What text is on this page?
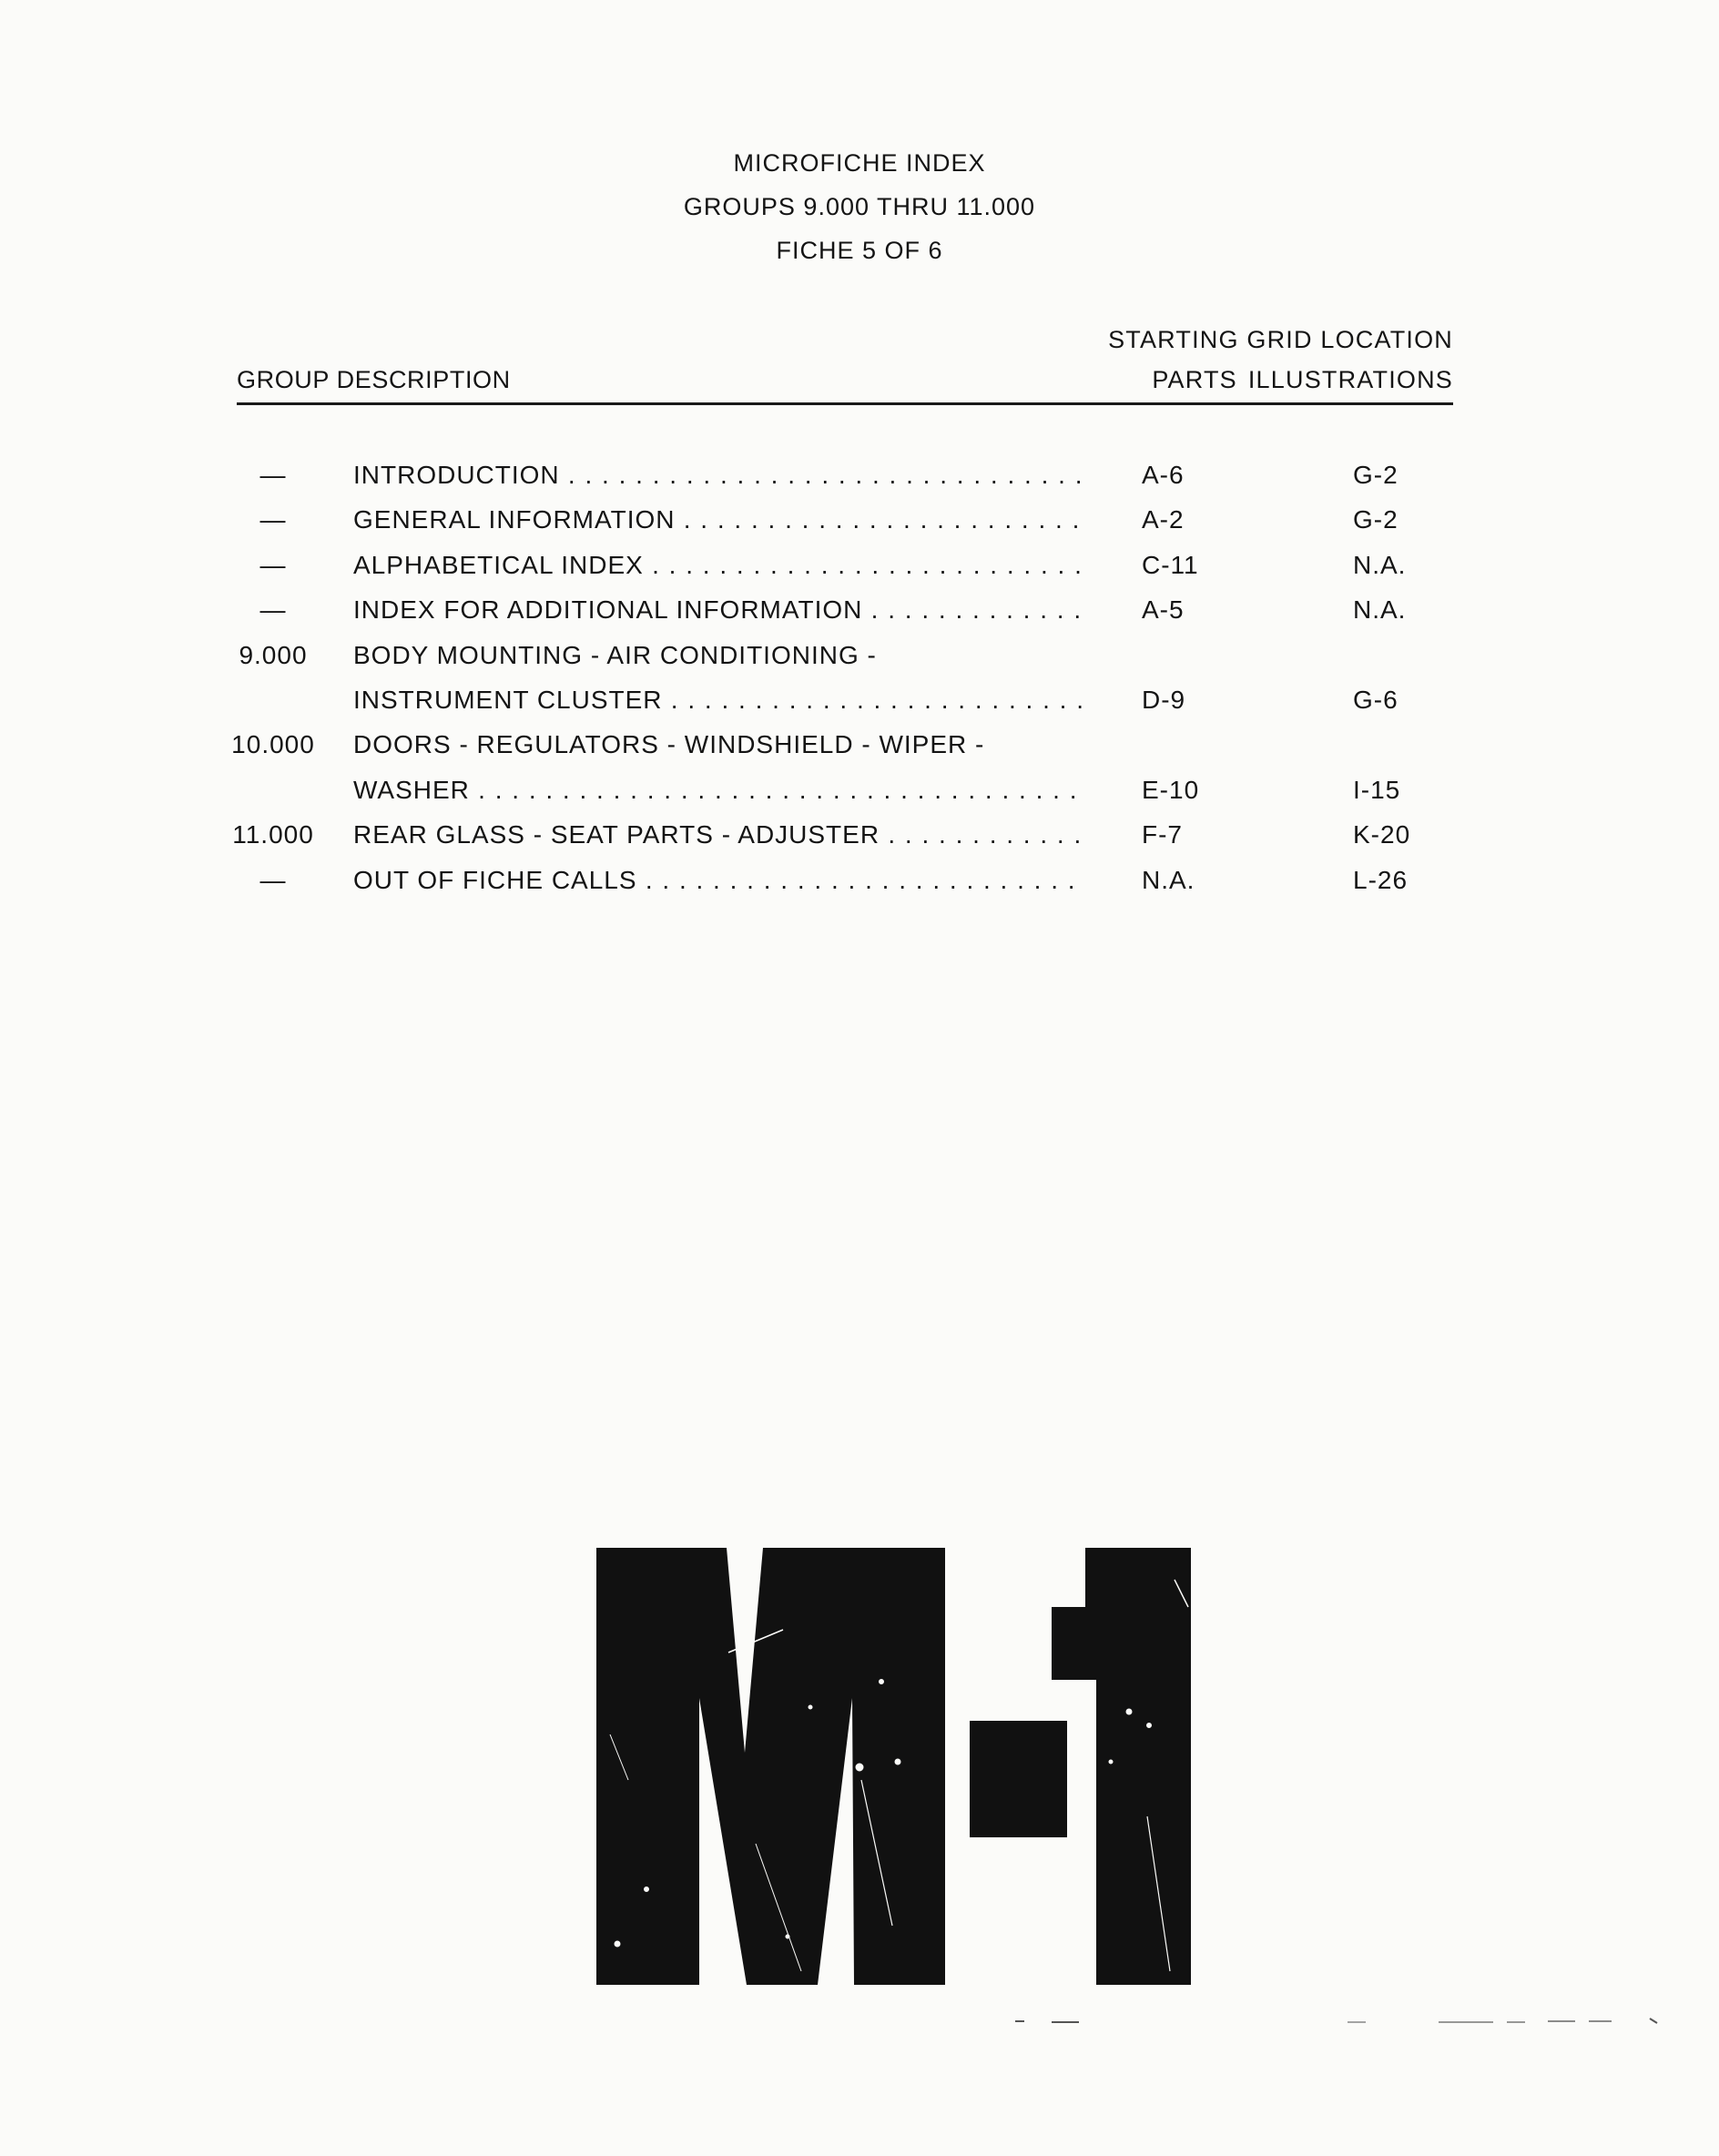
MICROFICHE INDEX
GROUPS 9.000 THRU 11.000
FICHE 5 OF 6
STARTING GRID LOCATION
GROUP DESCRIPTION	PARTS ILLUSTRATIONS
—	INTRODUCTION . . .	A-6	G-2
—	GENERAL INFORMATION . . .	A-2	G-2
—	ALPHABETICAL INDEX . . .	C-11	N.A.
—	INDEX FOR ADDITIONAL INFORMATION . . .	A-5	N.A.
9.000	BODY MOUNTING - AIR CONDITIONING -
INSTRUMENT CLUSTER . . .	D-9	G-6
10.000	DOORS - REGULATORS - WINDSHIELD - WIPER -
WASHER . . .	E-10	I-15
11.000	REAR GLASS - SEAT PARTS - ADJUSTER . . .	F-7	K-20
—	OUT OF FICHE CALLS . . .	N.A.	L-26
